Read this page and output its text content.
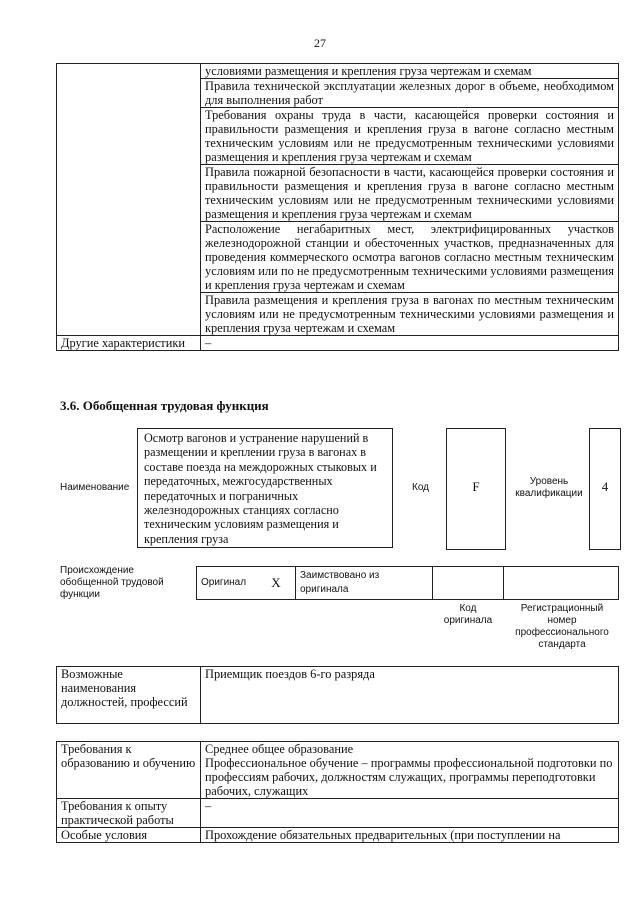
27
	условиями размещения и крепления груза чертежам и схемам
	Правила технической эксплуатации железных дорог в объеме, необходимом для выполнения работ
	Требования охраны труда в части, касающейся проверки состояния и правильности размещения и крепления груза в вагоне согласно местным техническим условиям или не предусмотренным техническими условиями размещения и крепления груза чертежам и схемам
	Правила пожарной безопасности в части, касающейся проверки состояния и правильности размещения и крепления груза в вагоне согласно местным техническим условиям или не предусмотренным техническими условиями размещения и крепления груза чертежам и схемам
	Расположение негабаритных мест, электрифицированных участков железнодорожной станции и обесточенных участков, предназначенных для проведения коммерческого осмотра вагонов согласно местным техническим условиям или по не предусмотренным техническими условиями размещения и крепления груза чертежам и схемам
	Правила размещения и крепления груза в вагонах по местным техническим условиям или не предусмотренным техническими условиями размещения и крепления груза чертежам и схемам
Другие характеристики	–
3.6. Обобщенная трудовая функция
Наименование
Осмотр вагонов и устранение нарушений в размещении и креплении груза в вагонах в составе поезда на междорожных стыковых и передаточных, межгосударственных передаточных и пограничных железнодорожных станциях согласно техническим условиям размещения и крепления груза
Код	F	Уровень квалификации	4
Происхождение обобщенной трудовой функции
Оригинал	X	Заимствовано из оригинала		
Код оригинала
Регистрационный номер профессионального стандарта
Возможные наименования должностей, профессий	Приемщик поездов 6-го разряда
Требования к образованию и обучению	Среднее общее образование
Профессиональное обучение – программы профессиональной подготовки по профессиям рабочих, должностям служащих, программы переподготовки рабочих, служащих

Требования к опыту практической работы	–
Особые условия	Прохождение обязательных предварительных (при поступлении на
